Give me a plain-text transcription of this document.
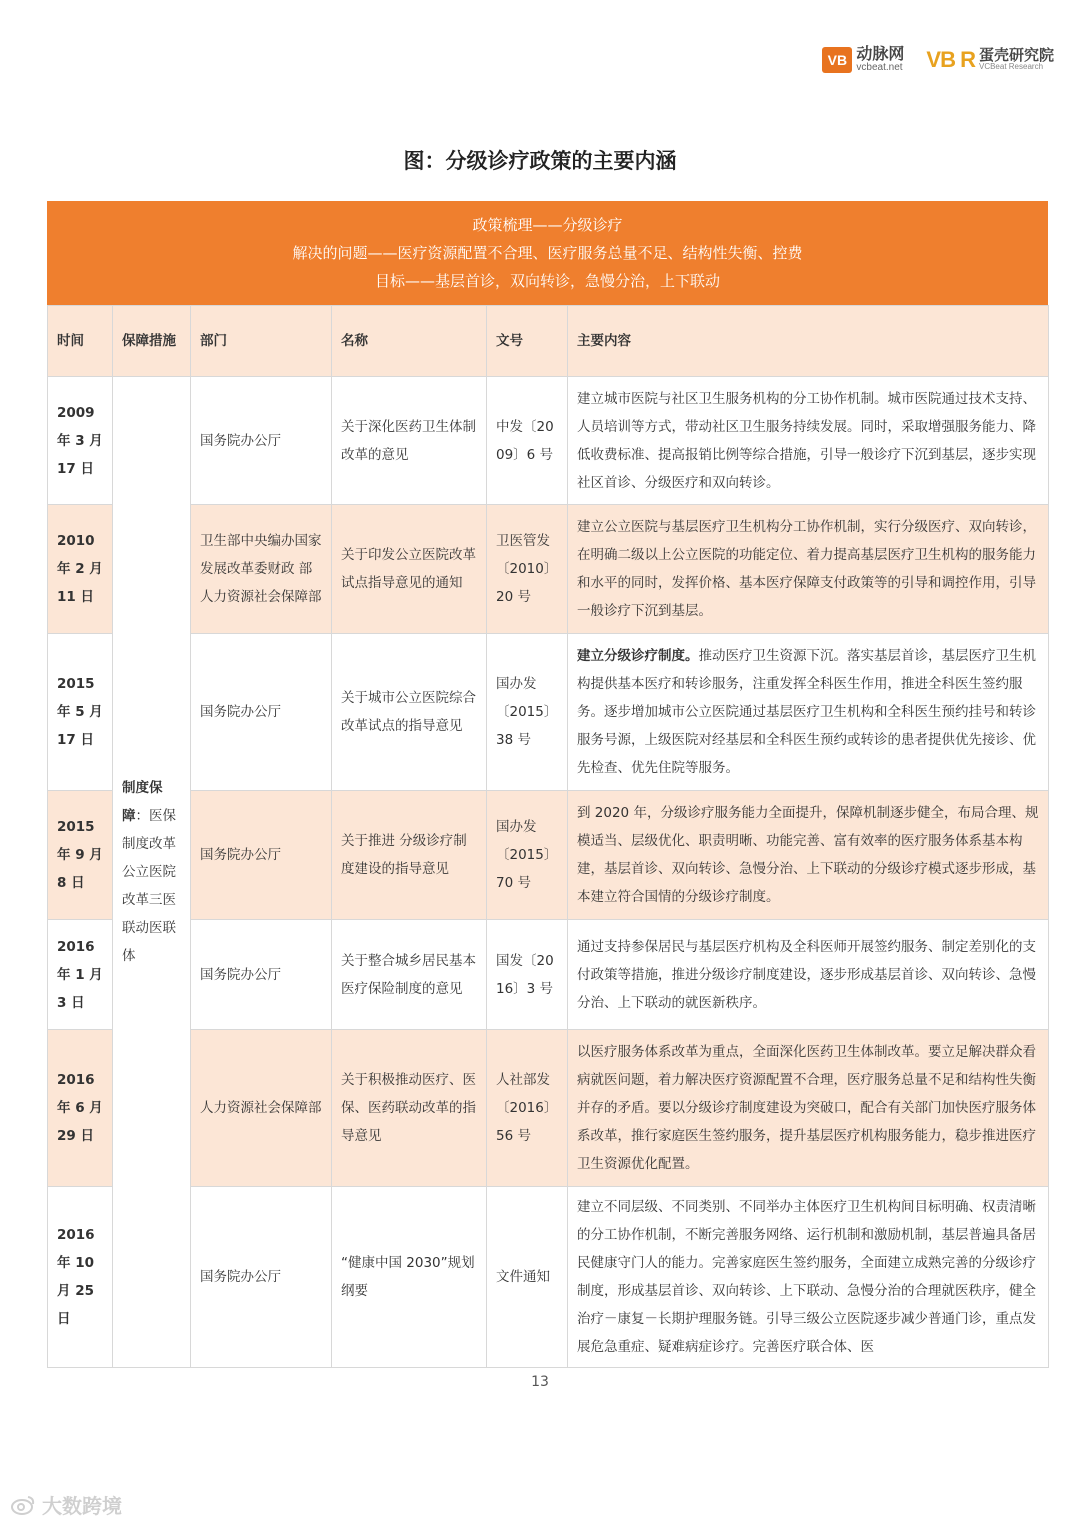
VB 动脉网
vcbeat.net VB R 蛋壳研究院
VCBeat Research
图：分级诊疗政策的主要内涵
政策梳理——分级诊疗
解决的问题——医疗资源配置不合理、医疗服务总量不足、结构性失衡、控费
目标——基层首诊，双向转诊，急慢分治，上下联动
时间	保障措施	部门	名称	文号	主要内容
2009 年 3 月 17 日	制度保障：医保制度改革公立医院改革三医联动医联体	国务院办公厅	关于深化医药卫生体制改革的意见	中发〔2009〕6 号	建立城市医院与社区卫生服务机构的分工协作机制。城市医院通过技术支持、人员培训等方式，带动社区卫生服务持续发展。同时，采取增强服务能力、降低收费标准、提高报销比例等综合措施，引导一般诊疗下沉到基层，逐步实现社区首诊、分级医疗和双向转诊。
2010 年 2 月 11 日		卫生部中央编办国家发展改革委财政 部人力资源社会保障部	关于印发公立医院改革试点指导意见的通知	卫医管发〔2010〕20 号	建立公立医院与基层医疗卫生机构分工协作机制，实行分级医疗、双向转诊，在明确二级以上公立医院的功能定位、着力提高基层医疗卫生机构的服务能力和水平的同时，发挥价格、基本医疗保障支付政策等的引导和调控作用，引导一般诊疗下沉到基层。
2015 年 5 月 17 日		国务院办公厅	关于城市公立医院综合改革试点的指导意见	国办发〔2015〕38 号	建立分级诊疗制度。推动医疗卫生资源下沉。落实基层首诊，基层医疗卫生机构提供基本医疗和转诊服务，注重发挥全科医生作用，推进全科医生签约服务。逐步增加城市公立医院通过基层医疗卫生机构和全科医生预约挂号和转诊服务号源，上级医院对经基层和全科医生预约或转诊的患者提供优先接诊、优先检查、优先住院等服务。
2015 年 9 月 8 日		国务院办公厅	关于推进 分级诊疗制度建设的指导意见	国办发〔2015〕70 号	到 2020 年，分级诊疗服务能力全面提升，保障机制逐步健全，布局合理、规模适当、层级优化、职责明晰、功能完善、富有效率的医疗服务体系基本构建，基层首诊、双向转诊、急慢分治、上下联动的分级诊疗模式逐步形成，基本建立符合国情的分级诊疗制度。
2016 年 1 月 3 日		国务院办公厅	关于整合城乡居民基本医疗保险制度的意见	国发〔2016〕3 号	通过支持参保居民与基层医疗机构及全科医师开展签约服务、制定差别化的支付政策等措施，推进分级诊疗制度建设，逐步形成基层首诊、双向转诊、急慢分治、上下联动的就医新秩序。
2016 年 6 月 29 日		人力资源社会保障部	关于积极推动医疗、医保、医药联动改革的指导意见	人社部发〔2016〕56 号	以医疗服务体系改革为重点，全面深化医药卫生体制改革。要立足解决群众看病就医问题，着力解决医疗资源配置不合理，医疗服务总量不足和结构性失衡并存的矛盾。要以分级诊疗制度建设为突破口，配合有关部门加快医疗服务体系改革，推行家庭医生签约服务，提升基层医疗机构服务能力，稳步推进医疗卫生资源优化配置。
2016 年 10 月 25 日		国务院办公厅	“健康中国 2030”规划纲要	文件通知	建立不同层级、不同类别、不同举办主体医疗卫生机构间目标明确、权责清晰的分工协作机制，不断完善服务网络、运行机制和激励机制，基层普遍具备居民健康守门人的能力。完善家庭医生签约服务，全面建立成熟完善的分级诊疗制度，形成基层首诊、双向转诊、上下联动、急慢分治的合理就医秩序，健全治疗－康复－长期护理服务链。引导三级公立医院逐步减少普通门诊，重点发展危急重症、疑难病症诊疗。完善医疗联合体、医
13
大数跨境
